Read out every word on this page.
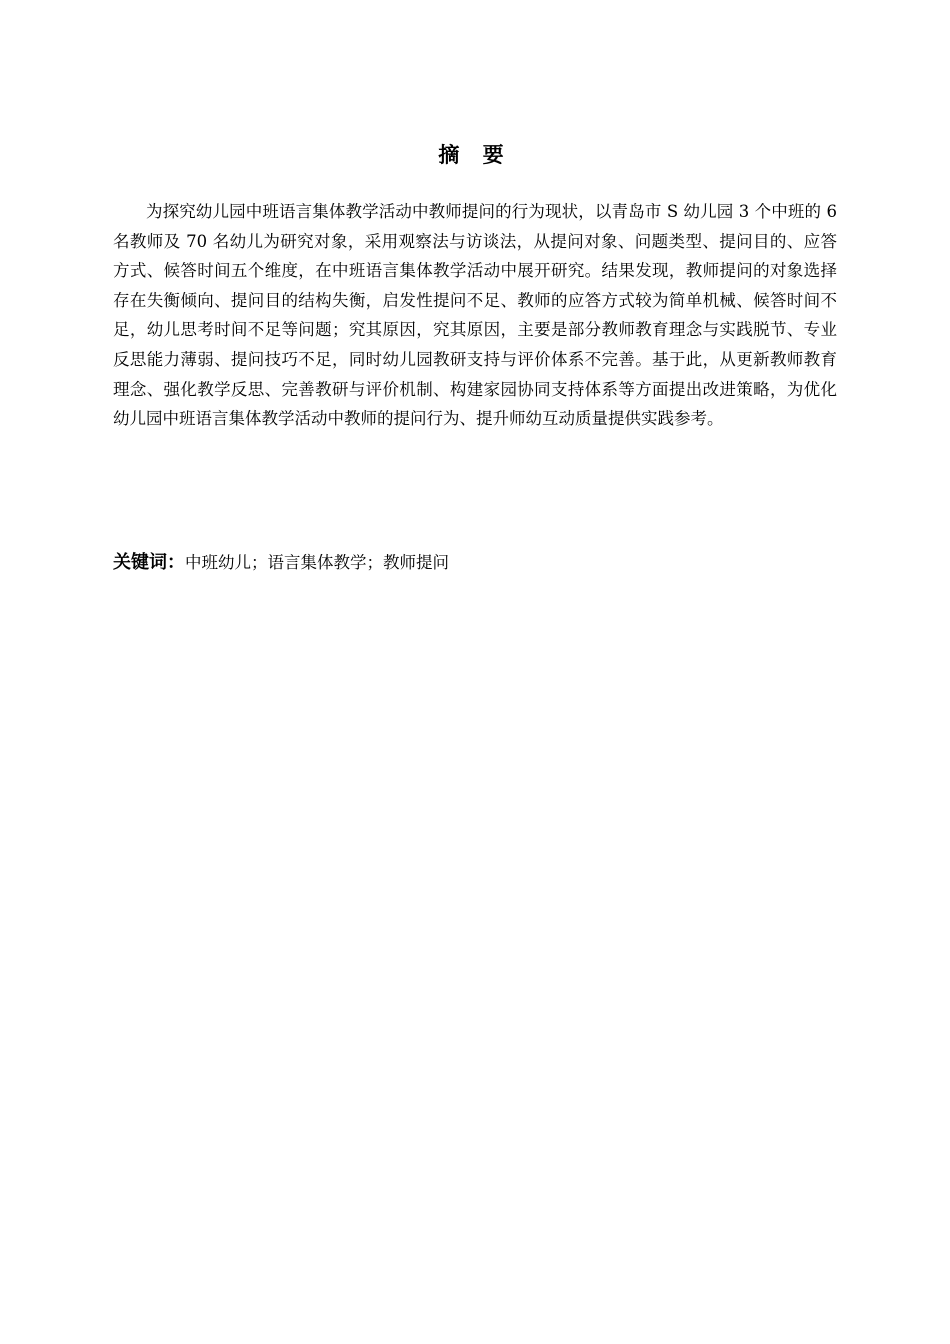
摘 要

为探究幼儿园中班语言集体教学活动中教师提问的行为现状，以青岛市 S 幼儿园 3 个中班的 6 名教师及 70 名幼儿为研究对象，采用观察法与访谈法，从提问对象、问题类型、提问目的、应答方式、候答时间五个维度，在中班语言集体教学活动中展开研究。结果发现，教师提问的对象选择存在失衡倾向、提问目的结构失衡，启发性提问不足、教师的应答方式较为简单机械、候答时间不足，幼儿思考时间不足等问题；究其原因，究其原因，主要是部分教师教育理念与实践脱节、专业反思能力薄弱、提问技巧不足，同时幼儿园教研支持与评价体系不完善。基于此，从更新教师教育理念、强化教学反思、完善教研与评价机制、构建家园协同支持体系等方面提出改进策略，为优化幼儿园中班语言集体教学活动中教师的提问行为、提升师幼互动质量提供实践参考。

关键词：中班幼儿；语言集体教学；教师提问
